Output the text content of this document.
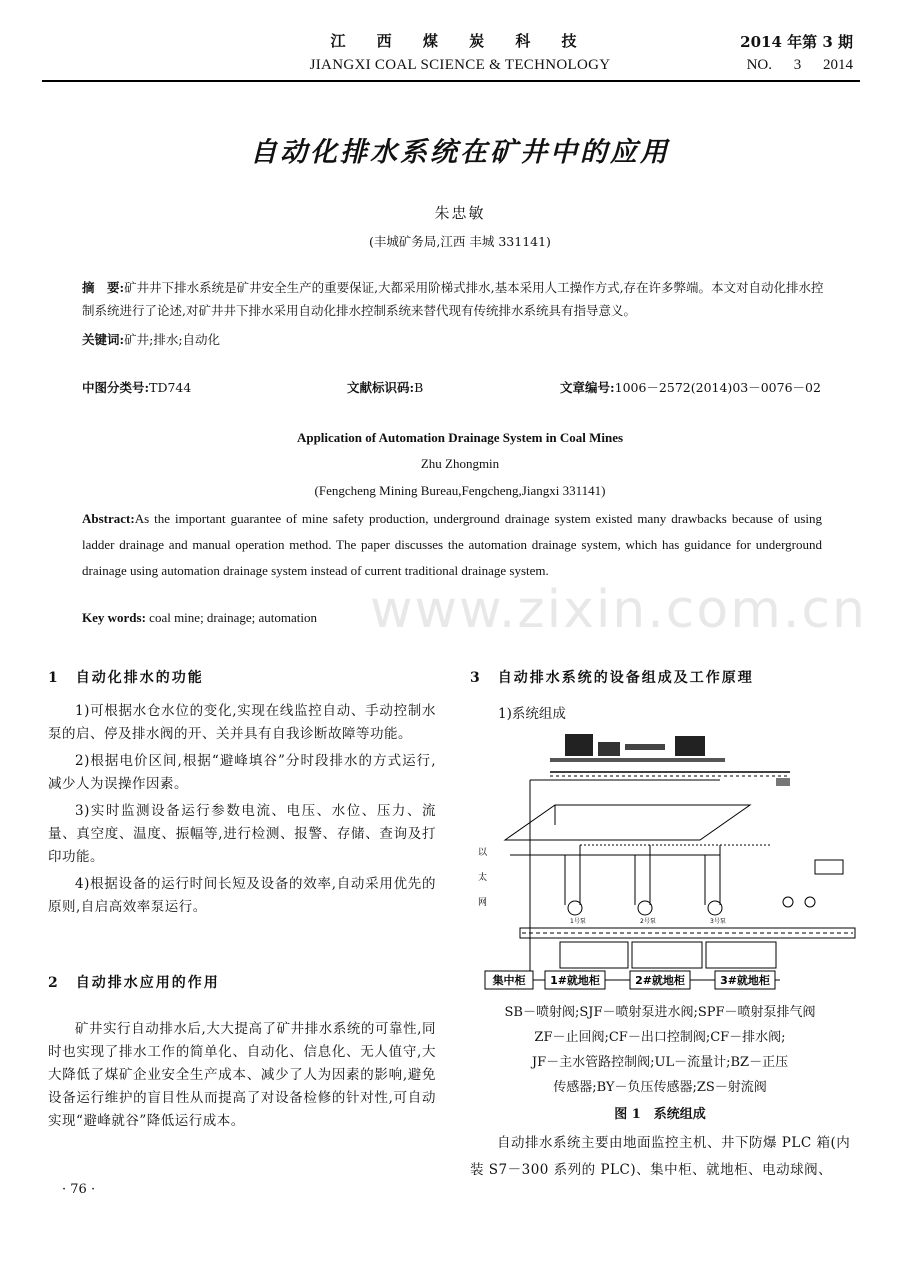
江 西 煤 炭 科 技	2014 年第 3 期
JIANGXI COAL SCIENCE & TECHNOLOGY	NO. 3 2014
自动化排水系统在矿井中的应用
朱忠敏
(丰城矿务局,江西 丰城 331141)
摘　要:矿井井下排水系统是矿井安全生产的重要保证,大都采用阶梯式排水,基本采用人工操作方式,存在许多弊端。本文对自动化排水控制系统进行了论述,对矿井井下排水采用自动化排水控制系统来替代现有传统排水系统具有指导意义。
关键词:矿井;排水;自动化
中图分类号:TD744	文献标识码:B	文章编号:1006－2572(2014)03－0076－02
Application of Automation Drainage System in Coal Mines
Zhu Zhongmin
(Fengcheng Mining Bureau,Fengcheng,Jiangxi 331141)
Abstract:As the important guarantee of mine safety production, underground drainage system existed many drawbacks because of using ladder drainage and manual operation method. The paper discusses the automation drainage system, which has guidance for underground drainage using automation drainage system instead of current traditional drainage system.
Key words: coal mine; drainage; automation	www.zixin.com.cn
1　自动化排水的功能

1)可根据水仓水位的变化,实现在线监控自动、手动控制水泵的启、停及排水阀的开、关并具有自我诊断故障等功能。

2)根据电价区间,根据“避峰填谷”分时段排水的方式运行,减少人为误操作因素。

3)实时监测设备运行参数电流、电压、水位、压力、流量、真空度、温度、振幅等,进行检测、报警、存储、查询及打印功能。

4)根据设备的运行时间长短及设备的效率,自动采用优先的原则,自启高效率泵运行。

2　自动排水应用的作用

矿井实行自动排水后,大大提高了矿井排水系统的可靠性,同时也实现了排水工作的简单化、自动化、信息化、无人值守,大大降低了煤矿企业安全生产成本、减少了人为因素的影响,避免设备运行维护的盲目性从而提高了对设备检修的针对性,可自动实现“避峰就谷”降低运行成本。

3　自动排水系统的设备组成及工作原理
1)系统组成
1号泵	2号泵	3号泵
集中柜 1#就地柜	2#就地柜	3#就地柜
以
太
网
SB－喷射阀;SJF－喷射泵进水阀;SPF－喷射泵排气阀
ZF－止回阀;CF－出口控制阀;CF－排水阀;
JF－主水管路控制阀;UL－流量计;BZ－正压
传感器;BY－负压传感器;ZS－射流阀
图 1　系统组成
自动排水系统主要由地面监控主机、井下防爆 PLC 箱(内装 S7－300 系列的 PLC)、集中柜、就地柜、电动球阀、
· 76 ·
